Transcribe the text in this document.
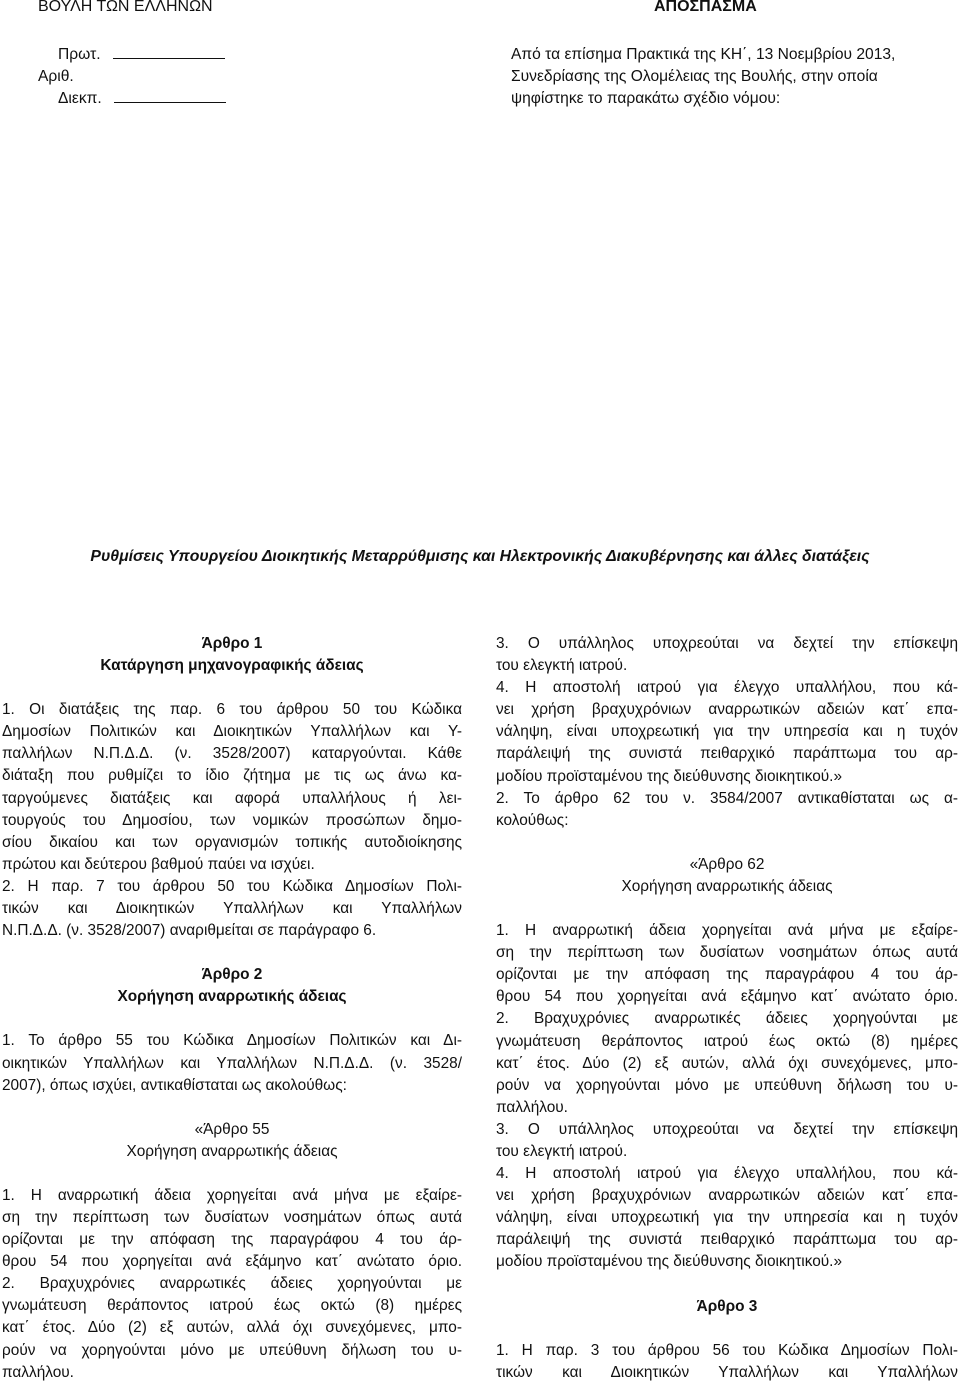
ΒΟΥΛΗ ΤΩΝ ΕΛΛΗΝΩΝ	ΑΠΟΣΠΑΣΜΑ
Πρωτ.
Αριθ.
Διεκπ.
Από τα επίσημα Πρακτικά της ΚΗ΄, 13 Νοεμβρίου 2013,
Συνεδρίασης της Ολομέλειας της Βουλής, στην οποία
ψηφίστηκε το παρακάτω σχέδιο νόμου:
Ρυθμίσεις Υπουργείου Διοικητικής Μεταρρύθμισης και Ηλεκτρονικής Διακυβέρνησης και άλλες διατάξεις

Άρθρο 1

Κατάργηση μηχανογραφικής άδειας

1. Οι διατάξεις της παρ. 6 του άρθρου 50 του Κώδικα

Δημοσίων Πολιτικών και Διοικητικών Υπαλλήλων και Υ-

παλλήλων Ν.Π.Δ.Δ. (ν. 3528/2007) καταργούνται. Κάθε

διάταξη που ρυθμίζει το ίδιο ζήτημα με τις ως άνω κα-

ταργούμενες διατάξεις και αφορά υπαλλήλους ή λει-

τουργούς του Δημοσίου, των νομικών προσώπων δημο-

σίου δικαίου και των οργανισμών τοπικής αυτοδιοίκησης

πρώτου και δεύτερου βαθμού παύει να ισχύει.

2. Η παρ. 7 του άρθρου 50 του Κώδικα Δημοσίων Πολι-

τικών και Διοικητικών Υπαλλήλων και Υπαλλήλων

Ν.Π.Δ.Δ. (ν. 3528/2007) αναριθμείται σε παράγραφο 6.

Άρθρο 2

Χορήγηση αναρρωτικής άδειας

1. Το άρθρο 55 του Κώδικα Δημοσίων Πολιτικών και Δι-

οικητικών Υπαλλήλων και Υπαλλήλων Ν.Π.Δ.Δ. (ν. 3528/

2007), όπως ισχύει, αντικαθίσταται ως ακολούθως:

«Άρθρο 55

Χορήγηση αναρρωτικής άδειας

1. Η αναρρωτική άδεια χορηγείται ανά μήνα με εξαίρε-

ση την περίπτωση των δυσίατων νοσημάτων όπως αυτά

ορίζονται με την απόφαση της παραγράφου 4 του άρ-

θρου 54 που χορηγείται ανά εξάμηνο κατ΄ ανώτατο όριο.

2. Βραχυχρόνιες αναρρωτικές άδειες χορηγούνται με

γνωμάτευση θεράποντος ιατρού έως οκτώ (8) ημέρες

κατ΄ έτος. Δύο (2) εξ αυτών, αλλά όχι συνεχόμενες, μπο-

ρούν να χορηγούνται μόνο με υπεύθυνη δήλωση του υ-

παλλήλου.

3. Ο υπάλληλος υποχρεούται να δεχτεί την επίσκεψη

του ελεγκτή ιατρού.

4. Η αποστολή ιατρού για έλεγχο υπαλλήλου, που κά-

νει χρήση βραχυχρόνιων αναρρωτικών αδειών κατ΄ επα-

νάληψη, είναι υποχρεωτική για την υπηρεσία και η τυχόν

παράλειψή της συνιστά πειθαρχικό παράπτωμα του αρ-

μοδίου προϊσταμένου της διεύθυνσης διοικητικού.»

2. Το άρθρο 62 του ν. 3584/2007 αντικαθίσταται ως α-

κολούθως:

«Άρθρο 62

Χορήγηση αναρρωτικής άδειας

1. Η αναρρωτική άδεια χορηγείται ανά μήνα με εξαίρε-

ση την περίπτωση των δυσίατων νοσημάτων όπως αυτά

ορίζονται με την απόφαση της παραγράφου 4 του άρ-

θρου 54 που χορηγείται ανά εξάμηνο κατ΄ ανώτατο όριο.

2. Βραχυχρόνιες αναρρωτικές άδειες χορηγούνται με

γνωμάτευση θεράποντος ιατρού έως οκτώ (8) ημέρες

κατ΄ έτος. Δύο (2) εξ αυτών, αλλά όχι συνεχόμενες, μπο-

ρούν να χορηγούνται μόνο με υπεύθυνη δήλωση του υ-

παλλήλου.

3. Ο υπάλληλος υποχρεούται να δεχτεί την επίσκεψη

του ελεγκτή ιατρού.

4. Η αποστολή ιατρού για έλεγχο υπαλλήλου, που κά-

νει χρήση βραχυχρόνιων αναρρωτικών αδειών κατ΄ επα-

νάληψη, είναι υποχρεωτική για την υπηρεσία και η τυχόν

παράλειψή της συνιστά πειθαρχικό παράπτωμα του αρ-

μοδίου προϊσταμένου της διεύθυνσης διοικητικού.»

Άρθρο 3

1. Η παρ. 3 του άρθρου 56 του Κώδικα Δημοσίων Πολι-

τικών και Διοικητικών Υπαλλήλων και Υπαλλήλων
